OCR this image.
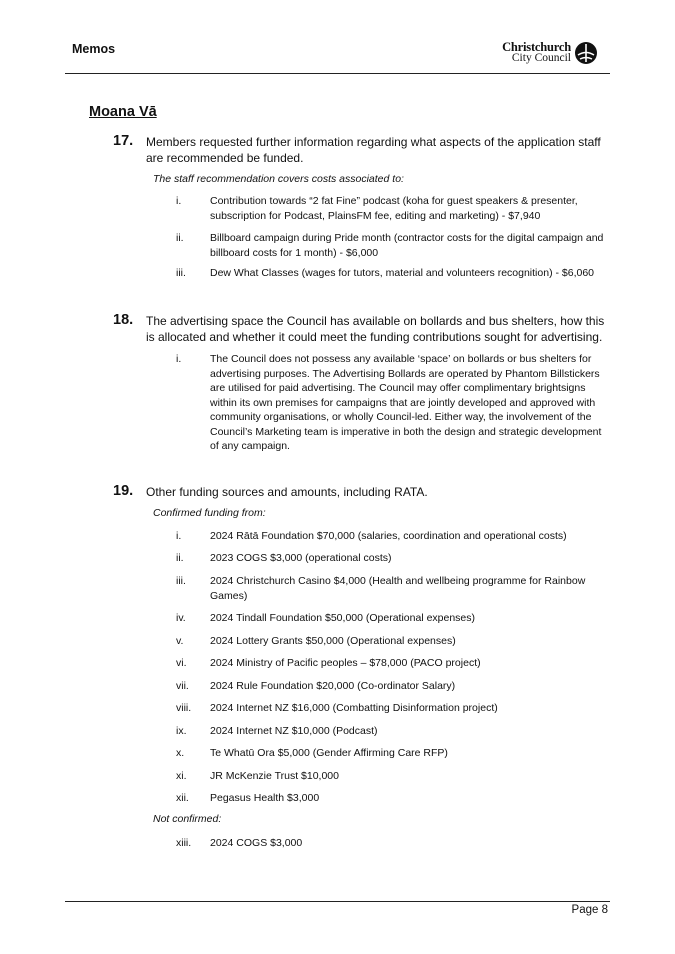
Memos	Christchurch
City Council
Moana Vā
17. Members requested further information regarding what aspects of the application staff are recommended be funded.
The staff recommendation covers costs associated to:
i.	Contribution towards “2 fat Fine” podcast (koha for guest speakers & presenter, subscription for Podcast, PlainsFM fee, editing and marketing) - $7,940
ii.	Billboard campaign during Pride month (contractor costs for the digital campaign and billboard costs for 1 month) - $6,000
iii. Dew What Classes (wages for tutors, material and volunteers recognition) - $6,060
18. The advertising space the Council has available on bollards and bus shelters, how this is allocated and whether it could meet the funding contributions sought for advertising.
i.	The Council does not possess any available ‘space’ on bollards or bus shelters for advertising purposes. The Advertising Bollards are operated by Phantom Billstickers are utilised for paid advertising. The Council may offer complimentary brightsigns within its own premises for campaigns that are jointly developed and approved with community organisations, or wholly Council-led. Either way, the involvement of the Council’s Marketing team is imperative in both the design and strategic development of any campaign.
19. Other funding sources and amounts, including RATA.
Confirmed funding from:
i.	2024 Rātā Foundation $70,000 (salaries, coordination and operational costs)
ii.	2023 COGS $3,000 (operational costs)
iii. 2024 Christchurch Casino $4,000 (Health and wellbeing programme for Rainbow Games)
iv. 2024 Tindall Foundation $50,000 (Operational expenses)
v.	2024 Lottery Grants $50,000 (Operational expenses)
vi. 2024 Ministry of Pacific peoples – $78,000 (PACO project)
vii. 2024 Rule Foundation $20,000 (Co-ordinator Salary)
viii. 2024 Internet NZ $16,000 (Combatting Disinformation project)
ix. 2024 Internet NZ $10,000 (Podcast)
x. Te Whatū Ora $5,000 (Gender Affirming Care RFP)
xi. JR McKenzie Trust $10,000
xii. Pegasus Health $3,000
Not confirmed:
xiii. 2024 COGS $3,000
Page 8
